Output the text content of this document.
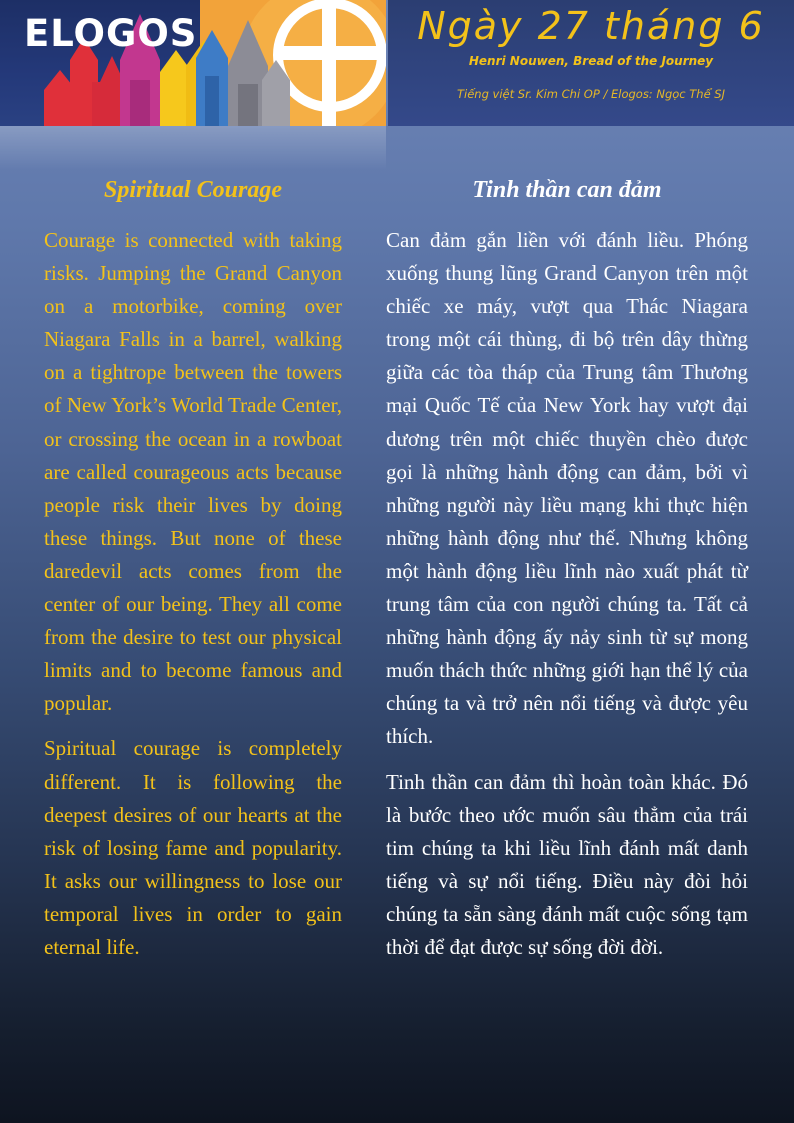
ELOGOS	Ngày 27 tháng 6
Henri Nouwen, Bread of the Journey
Tiếng việt Sr. Kim Chi OP / Elogos: Ngọc Thể SJ
Spiritual Courage

Courage is connected with taking risks. Jumping the Grand Canyon on a motorbike, coming over Niagara Falls in a barrel, walking on a tightrope between the towers of New York’s World Trade Center, or crossing the ocean in a rowboat are called courageous acts because people risk their lives by doing these things. But none of these daredevil acts comes from the center of our being. They all come from the desire to test our physical limits and to become famous and popular.

Spiritual courage is completely different. It is following the deepest desires of our hearts at the risk of losing fame and popularity. It asks our willingness to lose our temporal lives in order to gain eternal life.

Tinh thần can đảm

Can đảm gắn liền với đánh liều. Phóng xuống thung lũng Grand Canyon trên một chiếc xe máy, vượt qua Thác Niagara trong một cái thùng, đi bộ trên dây thừng giữa các tòa tháp của Trung tâm Thương mại Quốc Tế của New York hay vượt đại dương trên một chiếc thuyền chèo được gọi là những hành động can đảm, bởi vì những người này liều mạng khi thực hiện những hành động như thế. Nhưng không một hành động liều lĩnh nào xuất phát từ trung tâm của con người chúng ta. Tất cả những hành động ấy nảy sinh từ sự mong muốn thách thức những giới hạn thể lý của chúng ta và trở nên nổi tiếng và được yêu thích.

Tinh thần can đảm thì hoàn toàn khác. Đó là bước theo ước muốn sâu thẳm của trái tim chúng ta khi liều lĩnh đánh mất danh tiếng và sự nổi tiếng. Điều này đòi hỏi chúng ta sẵn sàng đánh mất cuộc sống tạm thời để đạt được sự sống đời đời.
